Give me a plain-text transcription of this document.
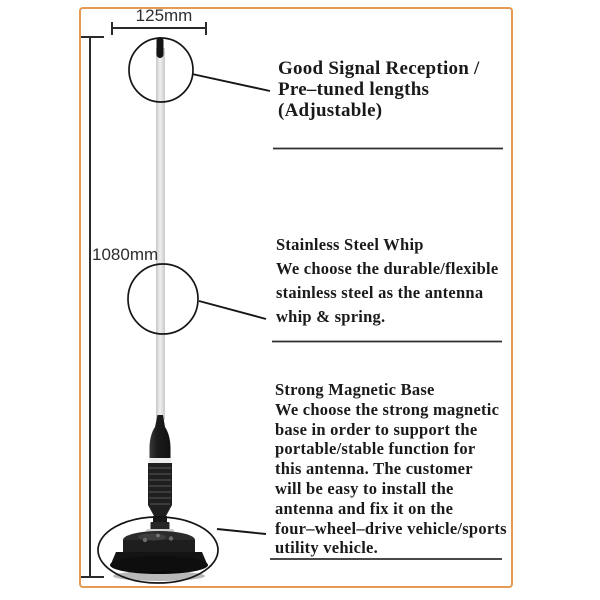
125mm
1080mm
Good Signal Reception /
Pre–tuned lengths
(Adjustable)
Stainless Steel Whip
We choose the durable/flexible
stainless steel as the antenna
whip & spring.
Strong Magnetic Base
We choose the strong magnetic
base in order to support the
portable/stable function for
this antenna. The customer
will be easy to install the
antenna and fix it on the
four–wheel–drive vehicle/sports
utility vehicle.
